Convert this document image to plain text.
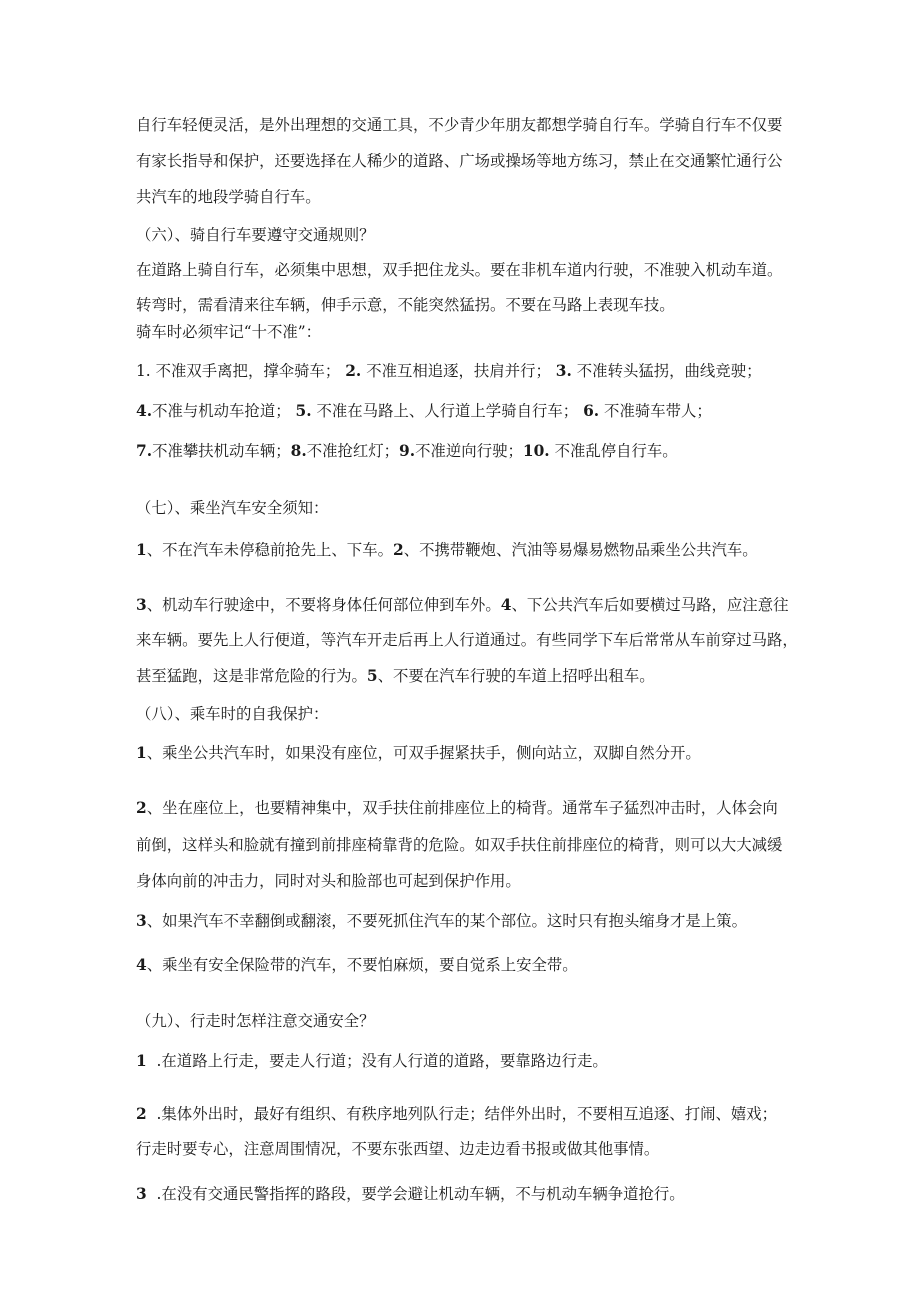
自行车轻便灵活，是外出理想的交通工具，不少青少年朋友都想学骑自行车。学骑自行车不仅要
有家长指导和保护，还要选择在人稀少的道路、广场或操场等地方练习，禁止在交通繁忙通行公
共汽车的地段学骑自行车。
（六）、骑自行车要遵守交通规则？
在道路上骑自行车，必须集中思想，双手把住龙头。要在非机车道内行驶，不准驶入机动车道。
转弯时，需看清来往车辆，伸手示意，不能突然猛拐。不要在马路上表现车技。
骑车时必须牢记“十不准”：
1. 不准双手离把，撑伞骑车； 2. 不准互相追逐，扶肩并行； 3. 不准转头猛拐，曲线竞驶；
4.不准与机动车抢道； 5. 不准在马路上、人行道上学骑自行车； 6. 不准骑车带人；
7.不准攀扶机动车辆；8.不准抢红灯；9.不准逆向行驶；10. 不准乱停自行车。
（七）、乘坐汽车安全须知：
1、不在汽车未停稳前抢先上、下车。2、不携带鞭炮、汽油等易爆易燃物品乘坐公共汽车。
3、机动车行驶途中，不要将身体任何部位伸到车外。4、下公共汽车后如要横过马路，应注意往
来车辆。要先上人行便道，等汽车开走后再上人行道通过。有些同学下车后常常从车前穿过马路，
甚至猛跑，这是非常危险的行为。5、不要在汽车行驶的车道上招呼出租车。
（八）、乘车时的自我保护：
1、乘坐公共汽车时，如果没有座位，可双手握紧扶手，侧向站立，双脚自然分开。
2、坐在座位上，也要精神集中，双手扶住前排座位上的椅背。通常车子猛烈冲击时，人体会向
前倒，这样头和脸就有撞到前排座椅靠背的危险。如双手扶住前排座位的椅背，则可以大大减缓
身体向前的冲击力，同时对头和脸部也可起到保护作用。
3、如果汽车不幸翻倒或翻滚，不要死抓住汽车的某个部位。这时只有抱头缩身才是上策。
4、乘坐有安全保险带的汽车，不要怕麻烦，要自觉系上安全带。
（九）、行走时怎样注意交通安全？
1 .在道路上行走，要走人行道；没有人行道的道路，要靠路边行走。
2 .集体外出时，最好有组织、有秩序地列队行走；结伴外出时，不要相互追逐、打闹、嬉戏；
行走时要专心，注意周围情况，不要东张西望、边走边看书报或做其他事情。
3 .在没有交通民警指挥的路段，要学会避让机动车辆，不与机动车辆争道抢行。
